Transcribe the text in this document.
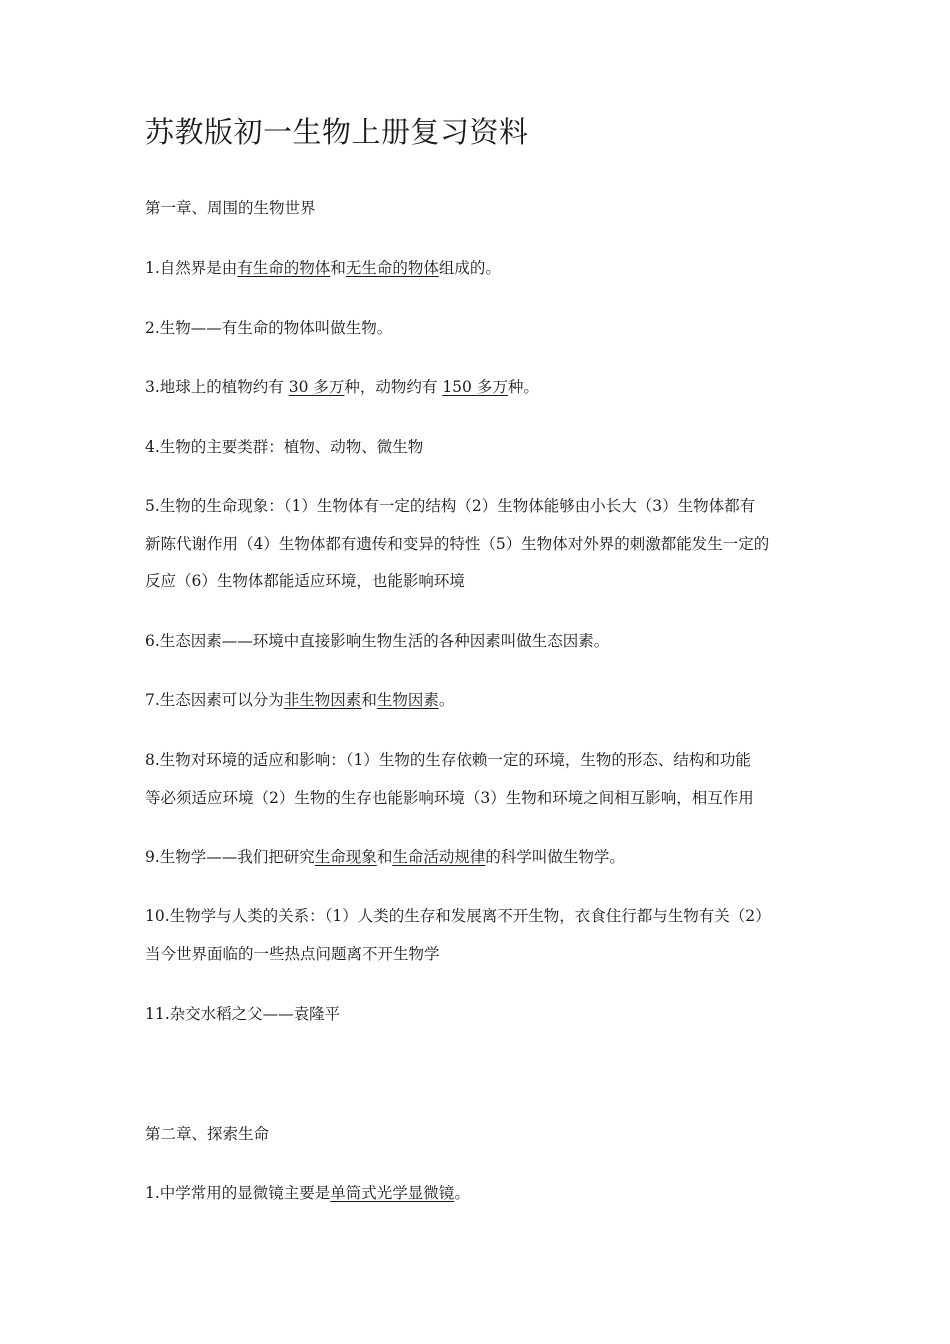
苏教版初一生物上册复习资料
第一章、周围的生物世界
1.自然界是由有生命的物体和无生命的物体组成的。
2.生物——有生命的物体叫做生物。
3.地球上的植物约有 30 多万种，动物约有 150 多万种。
4.生物的主要类群：植物、动物、微生物
5.生物的生命现象：（1）生物体有一定的结构（2）生物体能够由小长大（3）生物体都有
新陈代谢作用（4）生物体都有遗传和变异的特性（5）生物体对外界的刺激都能发生一定的
反应（6）生物体都能适应环境，也能影响环境
6.生态因素——环境中直接影响生物生活的各种因素叫做生态因素。
7.生态因素可以分为非生物因素和生物因素。
8.生物对环境的适应和影响：（1）生物的生存依赖一定的环境，生物的形态、结构和功能
等必须适应环境（2）生物的生存也能影响环境（3）生物和环境之间相互影响，相互作用
9.生物学——我们把研究生命现象和生命活动规律的科学叫做生物学。
10.生物学与人类的关系：（1）人类的生存和发展离不开生物，衣食住行都与生物有关（2）
当今世界面临的一些热点问题离不开生物学
11.杂交水稻之父——袁隆平
第二章、探索生命
1.中学常用的显微镜主要是单筒式光学显微镜。
